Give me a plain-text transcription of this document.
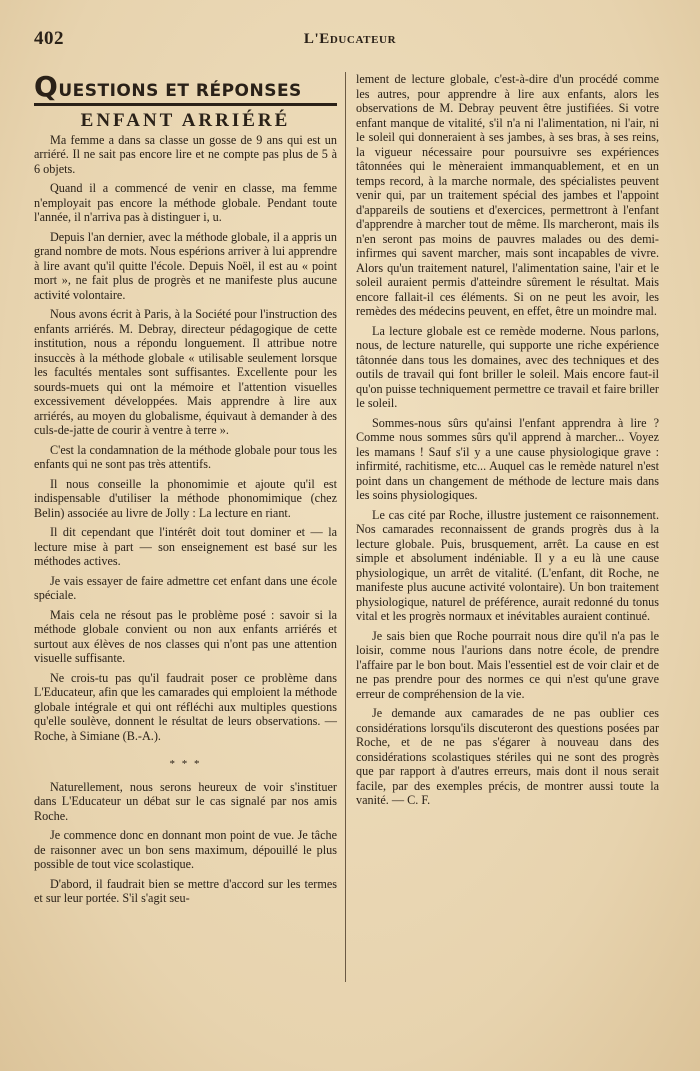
402	L'Educateur
QUESTIONS ET RÉPONSES
ENFANT ARRIÉRÉ

Ma femme a dans sa classe un gosse de 9 ans qui est un arriéré. Il ne sait pas encore lire et ne compte pas plus de 5 à 6 objets.

Quand il a commencé de venir en classe, ma femme n'employait pas encore la méthode globale. Pendant toute l'année, il n'arriva pas à distinguer i, u.

Depuis l'an dernier, avec la méthode globale, il a appris un grand nombre de mots. Nous espérions arriver à lui apprendre à lire avant qu'il quitte l'école. Depuis Noël, il est au « point mort », ne fait plus de progrès et ne manifeste plus aucune activité volontaire.

Nous avons écrit à Paris, à la Société pour l'instruction des enfants arriérés. M. Debray, directeur pédagogique de cette institution, nous a répondu longuement. Il attribue notre insuccès à la méthode globale « utilisable seulement lorsque les facultés mentales sont suffisantes. Excellente pour les sourds-muets qui ont la mémoire et l'attention visuelles excessivement développées. Mais apprendre à lire aux arriérés, au moyen du globalisme, équivaut à demander à des culs-de-jatte de courir à ventre à terre ».

C'est la condamnation de la méthode globale pour tous les enfants qui ne sont pas très attentifs.

Il nous conseille la phonomimie et ajoute qu'il est indispensable d'utiliser la méthode phonomimique (chez Belin) associée au livre de Jolly : La lecture en riant.

Il dit cependant que l'intérêt doit tout dominer et — la lecture mise à part — son enseignement est basé sur les méthodes actives.

Je vais essayer de faire admettre cet enfant dans une école spéciale.

Mais cela ne résout pas le problème posé : savoir si la méthode globale convient ou non aux enfants arriérés et surtout aux élèves de nos classes qui n'ont pas une attention visuelle suffisante.

Ne crois-tu pas qu'il faudrait poser ce problème dans L'Educateur, afin que les camarades qui emploient la méthode globale intégrale et qui ont réfléchi aux multiples questions qu'elle soulève, donnent le résultat de leurs observations. — Roche, à Simiane (B.-A.).

* * *

Naturellement, nous serons heureux de voir s'instituer dans L'Educateur un débat sur le cas signalé par nos amis Roche.

Je commence donc en donnant mon point de vue. Je tâche de raisonner avec un bon sens maximum, dépouillé le plus possible de tout vice scolastique.

D'abord, il faudrait bien se mettre d'accord sur les termes et sur leur portée. S'il s'agit seu-

lement de lecture globale, c'est-à-dire d'un procédé comme les autres, pour apprendre à lire aux enfants, alors les observations de M. Debray peuvent être justifiées. Si votre enfant manque de vitalité, s'il n'a ni l'alimentation, ni l'air, ni le soleil qui donneraient à ses jambes, à ses bras, à ses reins, la vigueur nécessaire pour poursuivre ses expériences tâtonnées qui le mèneraient immanquablement, et en un temps record, à la marche normale, des spécialistes peuvent venir qui, par un traitement spécial des jambes et l'appoint d'appareils de soutiens et d'exercices, permettront à l'enfant d'apprendre à marcher tout de même. Ils marcheront, mais ils n'en seront pas moins de pauvres malades ou des demi-infirmes qui savent marcher, mais sont incapables de vivre. Alors qu'un traitement naturel, l'alimentation saine, l'air et le soleil auraient permis d'atteindre sûrement le résultat. Mais encore fallait-il ces éléments. Si on ne peut les avoir, les remèdes des médecins peuvent, en effet, être un moindre mal.

La lecture globale est ce remède moderne. Nous parlons, nous, de lecture naturelle, qui supporte une riche expérience tâtonnée dans tous les domaines, avec des techniques et des outils de travail qui font briller le soleil. Mais encore faut-il qu'on puisse techniquement permettre ce travail et faire briller le soleil.

Sommes-nous sûrs qu'ainsi l'enfant apprendra à lire ? Comme nous sommes sûrs qu'il apprend à marcher... Voyez les mamans ! Sauf s'il y a une cause physiologique grave : infirmité, rachitisme, etc... Auquel cas le remède naturel n'est point dans un changement de méthode de lecture mais dans les soins physiologiques.

Le cas cité par Roche, illustre justement ce raisonnement. Nos camarades reconnaissent de grands progrès dus à la lecture globale. Puis, brusquement, arrêt. La cause en est simple et absolument indéniable. Il y a eu là une cause physiologique, un arrêt de vitalité. (L'enfant, dit Roche, ne manifeste plus aucune activité volontaire). Un bon traitement physiologique, naturel de préférence, aurait redonné du tonus vital et les progrès normaux et inévitables auraient continué.

Je sais bien que Roche pourrait nous dire qu'il n'a pas le loisir, comme nous l'aurions dans notre école, de prendre l'affaire par le bon bout. Mais l'essentiel est de voir clair et de ne pas prendre pour des normes ce qui n'est qu'une grave erreur de compréhension de la vie.

Je demande aux camarades de ne pas oublier ces considérations lorsqu'ils discuteront des questions posées par Roche, et de ne pas s'égarer à nouveau dans des considérations scolastiques stériles qui ne sont des progrès que par rapport à d'autres erreurs, mais dont il nous serait facile, par des exemples précis, de montrer aussi toute la vanité. — C. F.
